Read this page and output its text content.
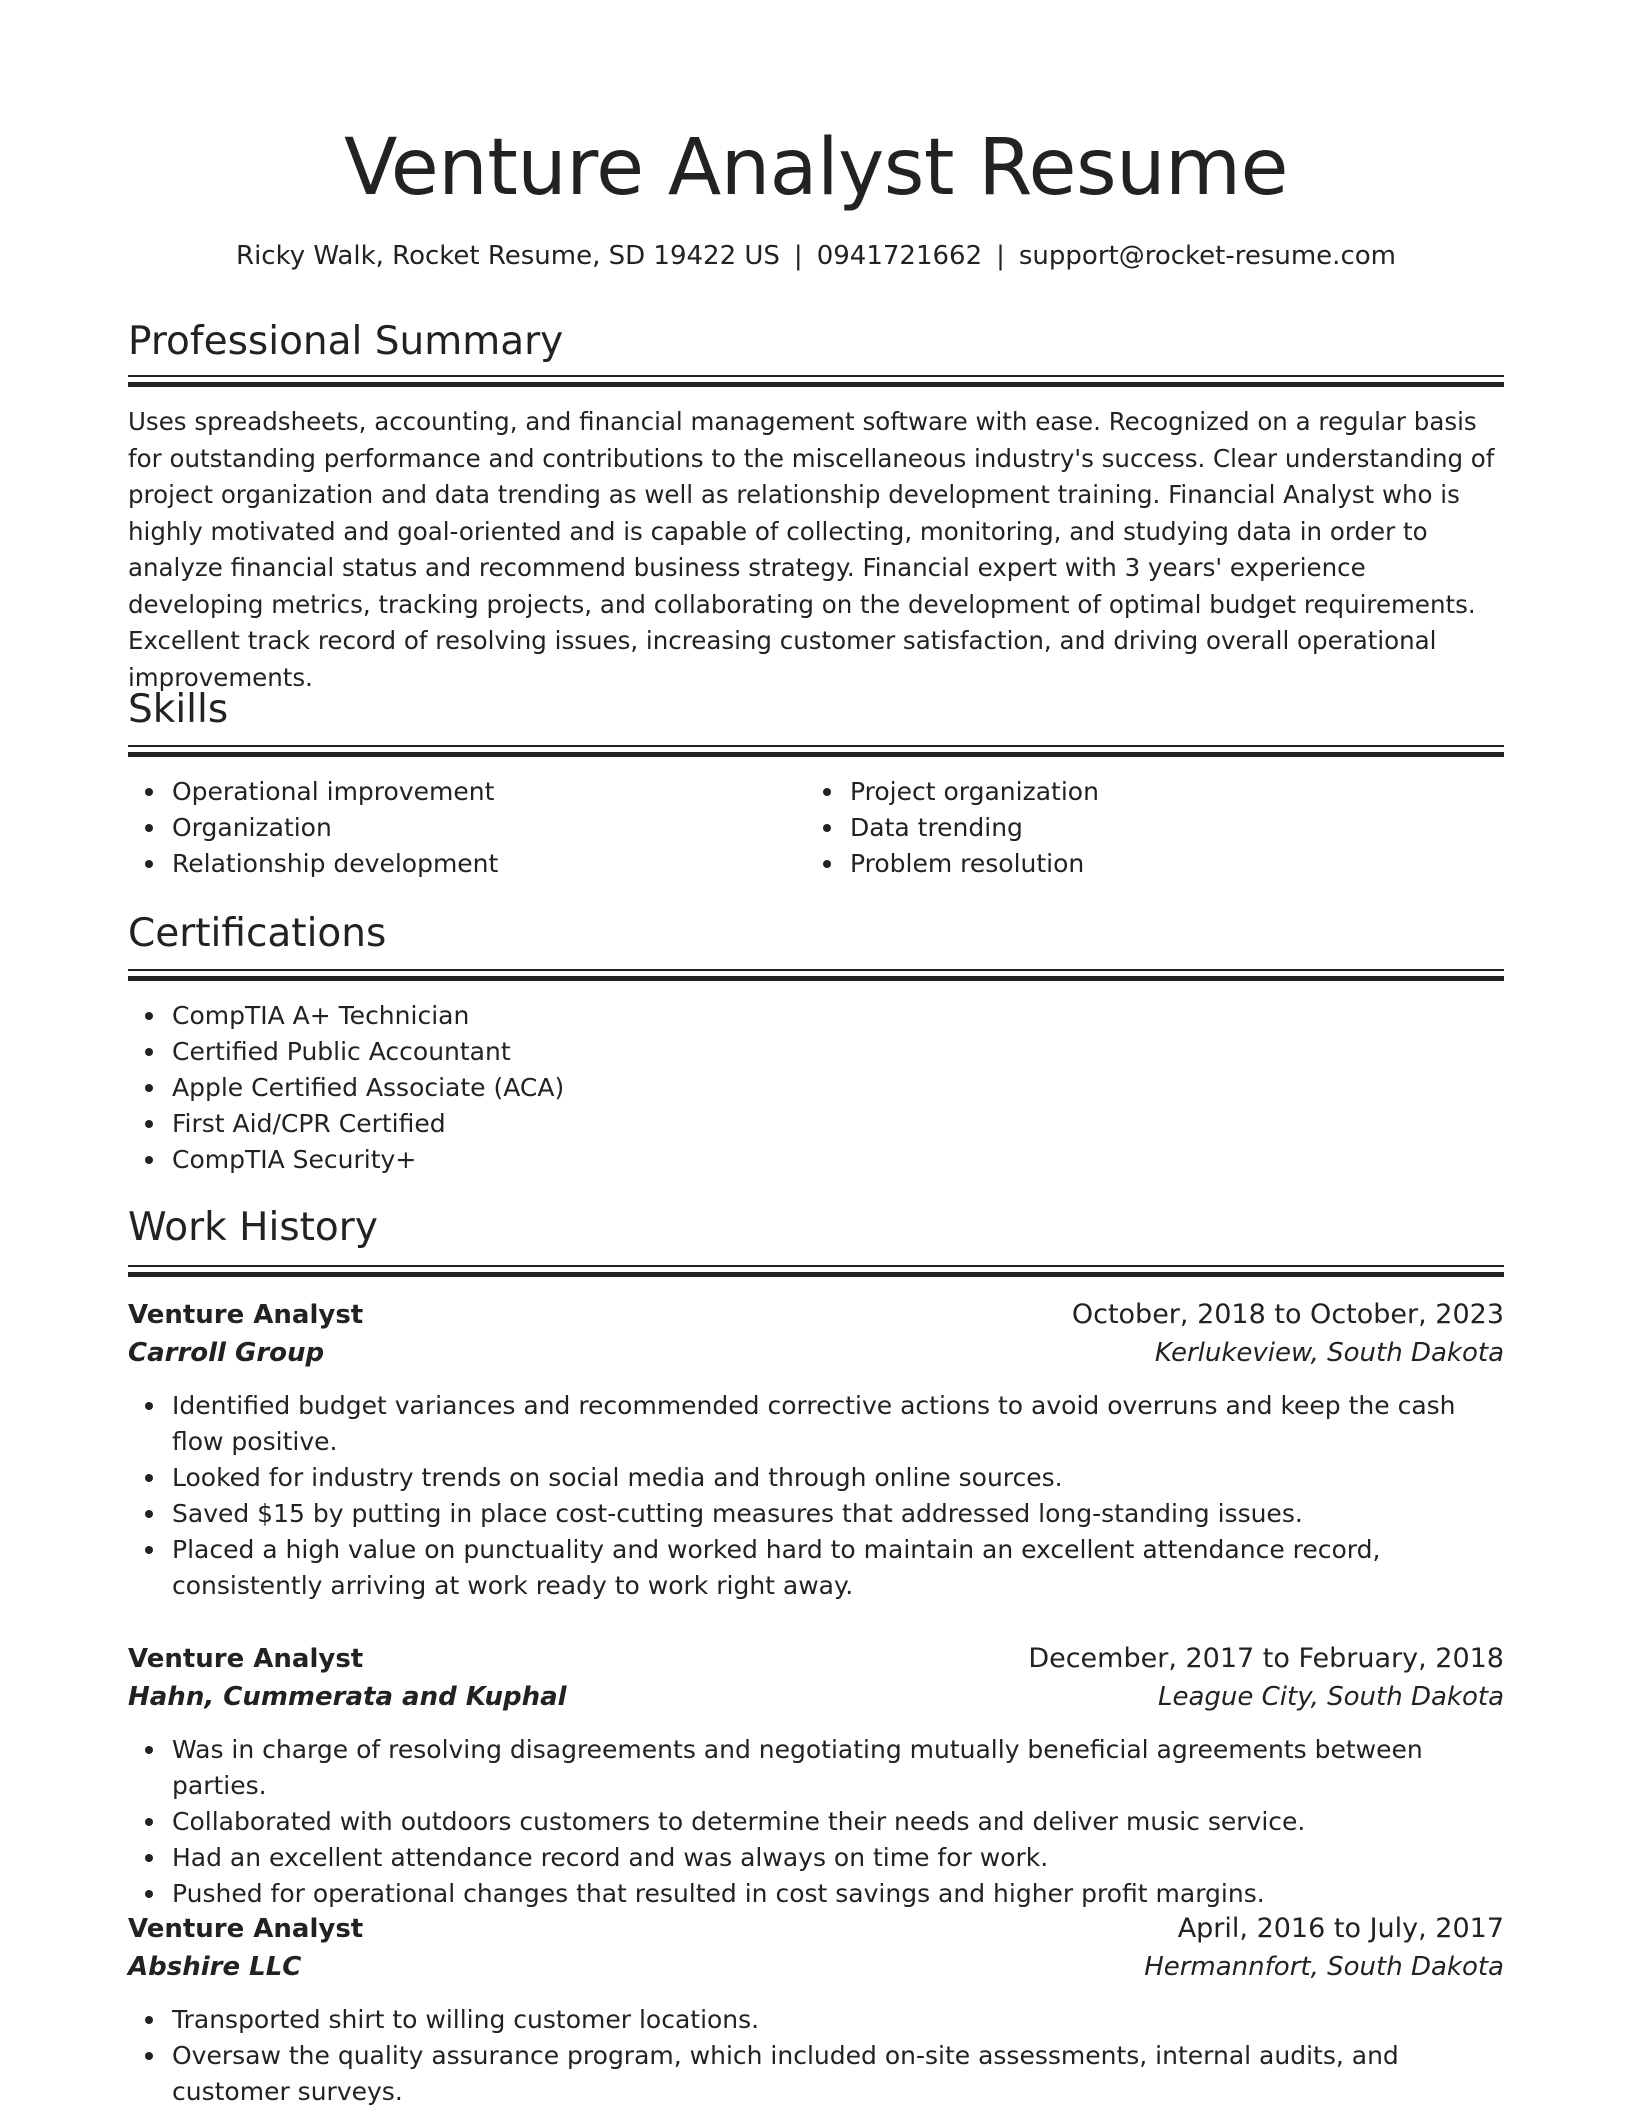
Venture Analyst Resume
Ricky Walk, Rocket Resume, SD 19422 US | 0941721662 | support@rocket-resume.com
Professional Summary

Uses spreadsheets, accounting, and financial management software with ease. Recognized on a regular basis for outstanding performance and contributions to the miscellaneous industry's success. Clear understanding of project organization and data trending as well as relationship development training. Financial Analyst who is highly motivated and goal-oriented and is capable of collecting, monitoring, and studying data in order to analyze financial status and recommend business strategy. Financial expert with 3 years' experience developing metrics, tracking projects, and collaborating on the development of optimal budget requirements. Excellent track record of resolving issues, increasing customer satisfaction, and driving overall operational improvements.

Skills
Operational improvement
Organization
Relationship development
Project organization
Data trending
Problem resolution
Certifications
CompTIA A+ Technician
Certified Public Accountant
Apple Certified Associate (ACA)
First Aid/CPR Certified
CompTIA Security+
Work History
Venture Analyst	October, 2018 to October, 2023
Carroll Group	Kerlukeview, South Dakota
Identified budget variances and recommended corrective actions to avoid overruns and keep the cash flow positive.
Looked for industry trends on social media and through online sources.
Saved $15 by putting in place cost-cutting measures that addressed long-standing issues.
Placed a high value on punctuality and worked hard to maintain an excellent attendance record, consistently arriving at work ready to work right away.
Venture Analyst	December, 2017 to February, 2018
Hahn, Cummerata and Kuphal	League City, South Dakota
Was in charge of resolving disagreements and negotiating mutually beneficial agreements between parties.
Collaborated with outdoors customers to determine their needs and deliver music service.
Had an excellent attendance record and was always on time for work.
Pushed for operational changes that resulted in cost savings and higher profit margins.
Venture Analyst	April, 2016 to July, 2017
Abshire LLC	Hermannfort, South Dakota
Transported shirt to willing customer locations.
Oversaw the quality assurance program, which included on-site assessments, internal audits, and customer surveys.
